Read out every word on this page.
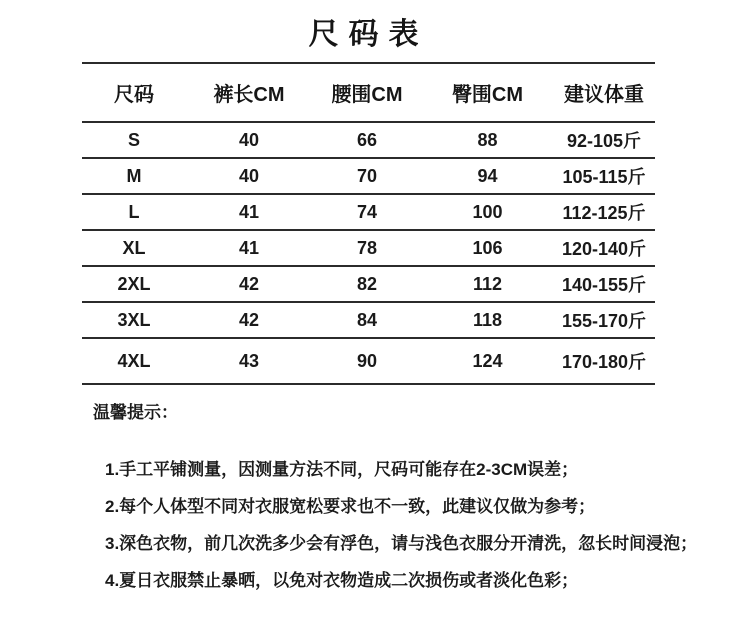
尺码表
尺码	裤长CM	腰围CM	臀围CM	建议体重
S	40	66	88	92-105斤
M	40	70	94	105-115斤
L	41	74	100	112-125斤
XL	41	78	106	120-140斤
2XL	42	82	112	140-155斤
3XL	42	84	118	155-170斤
4XL	43	90	124	170-180斤
温馨提示：
1.手工平铺测量，因测量方法不同，尺码可能存在2-3CM误差；
2.每个人体型不同对衣服宽松要求也不一致，此建议仅做为参考；
3.深色衣物，前几次洗多少会有浮色，请与浅色衣服分开清洗，忽长时间浸泡；
4.夏日衣服禁止暴晒，以免对衣物造成二次损伤或者淡化色彩；
